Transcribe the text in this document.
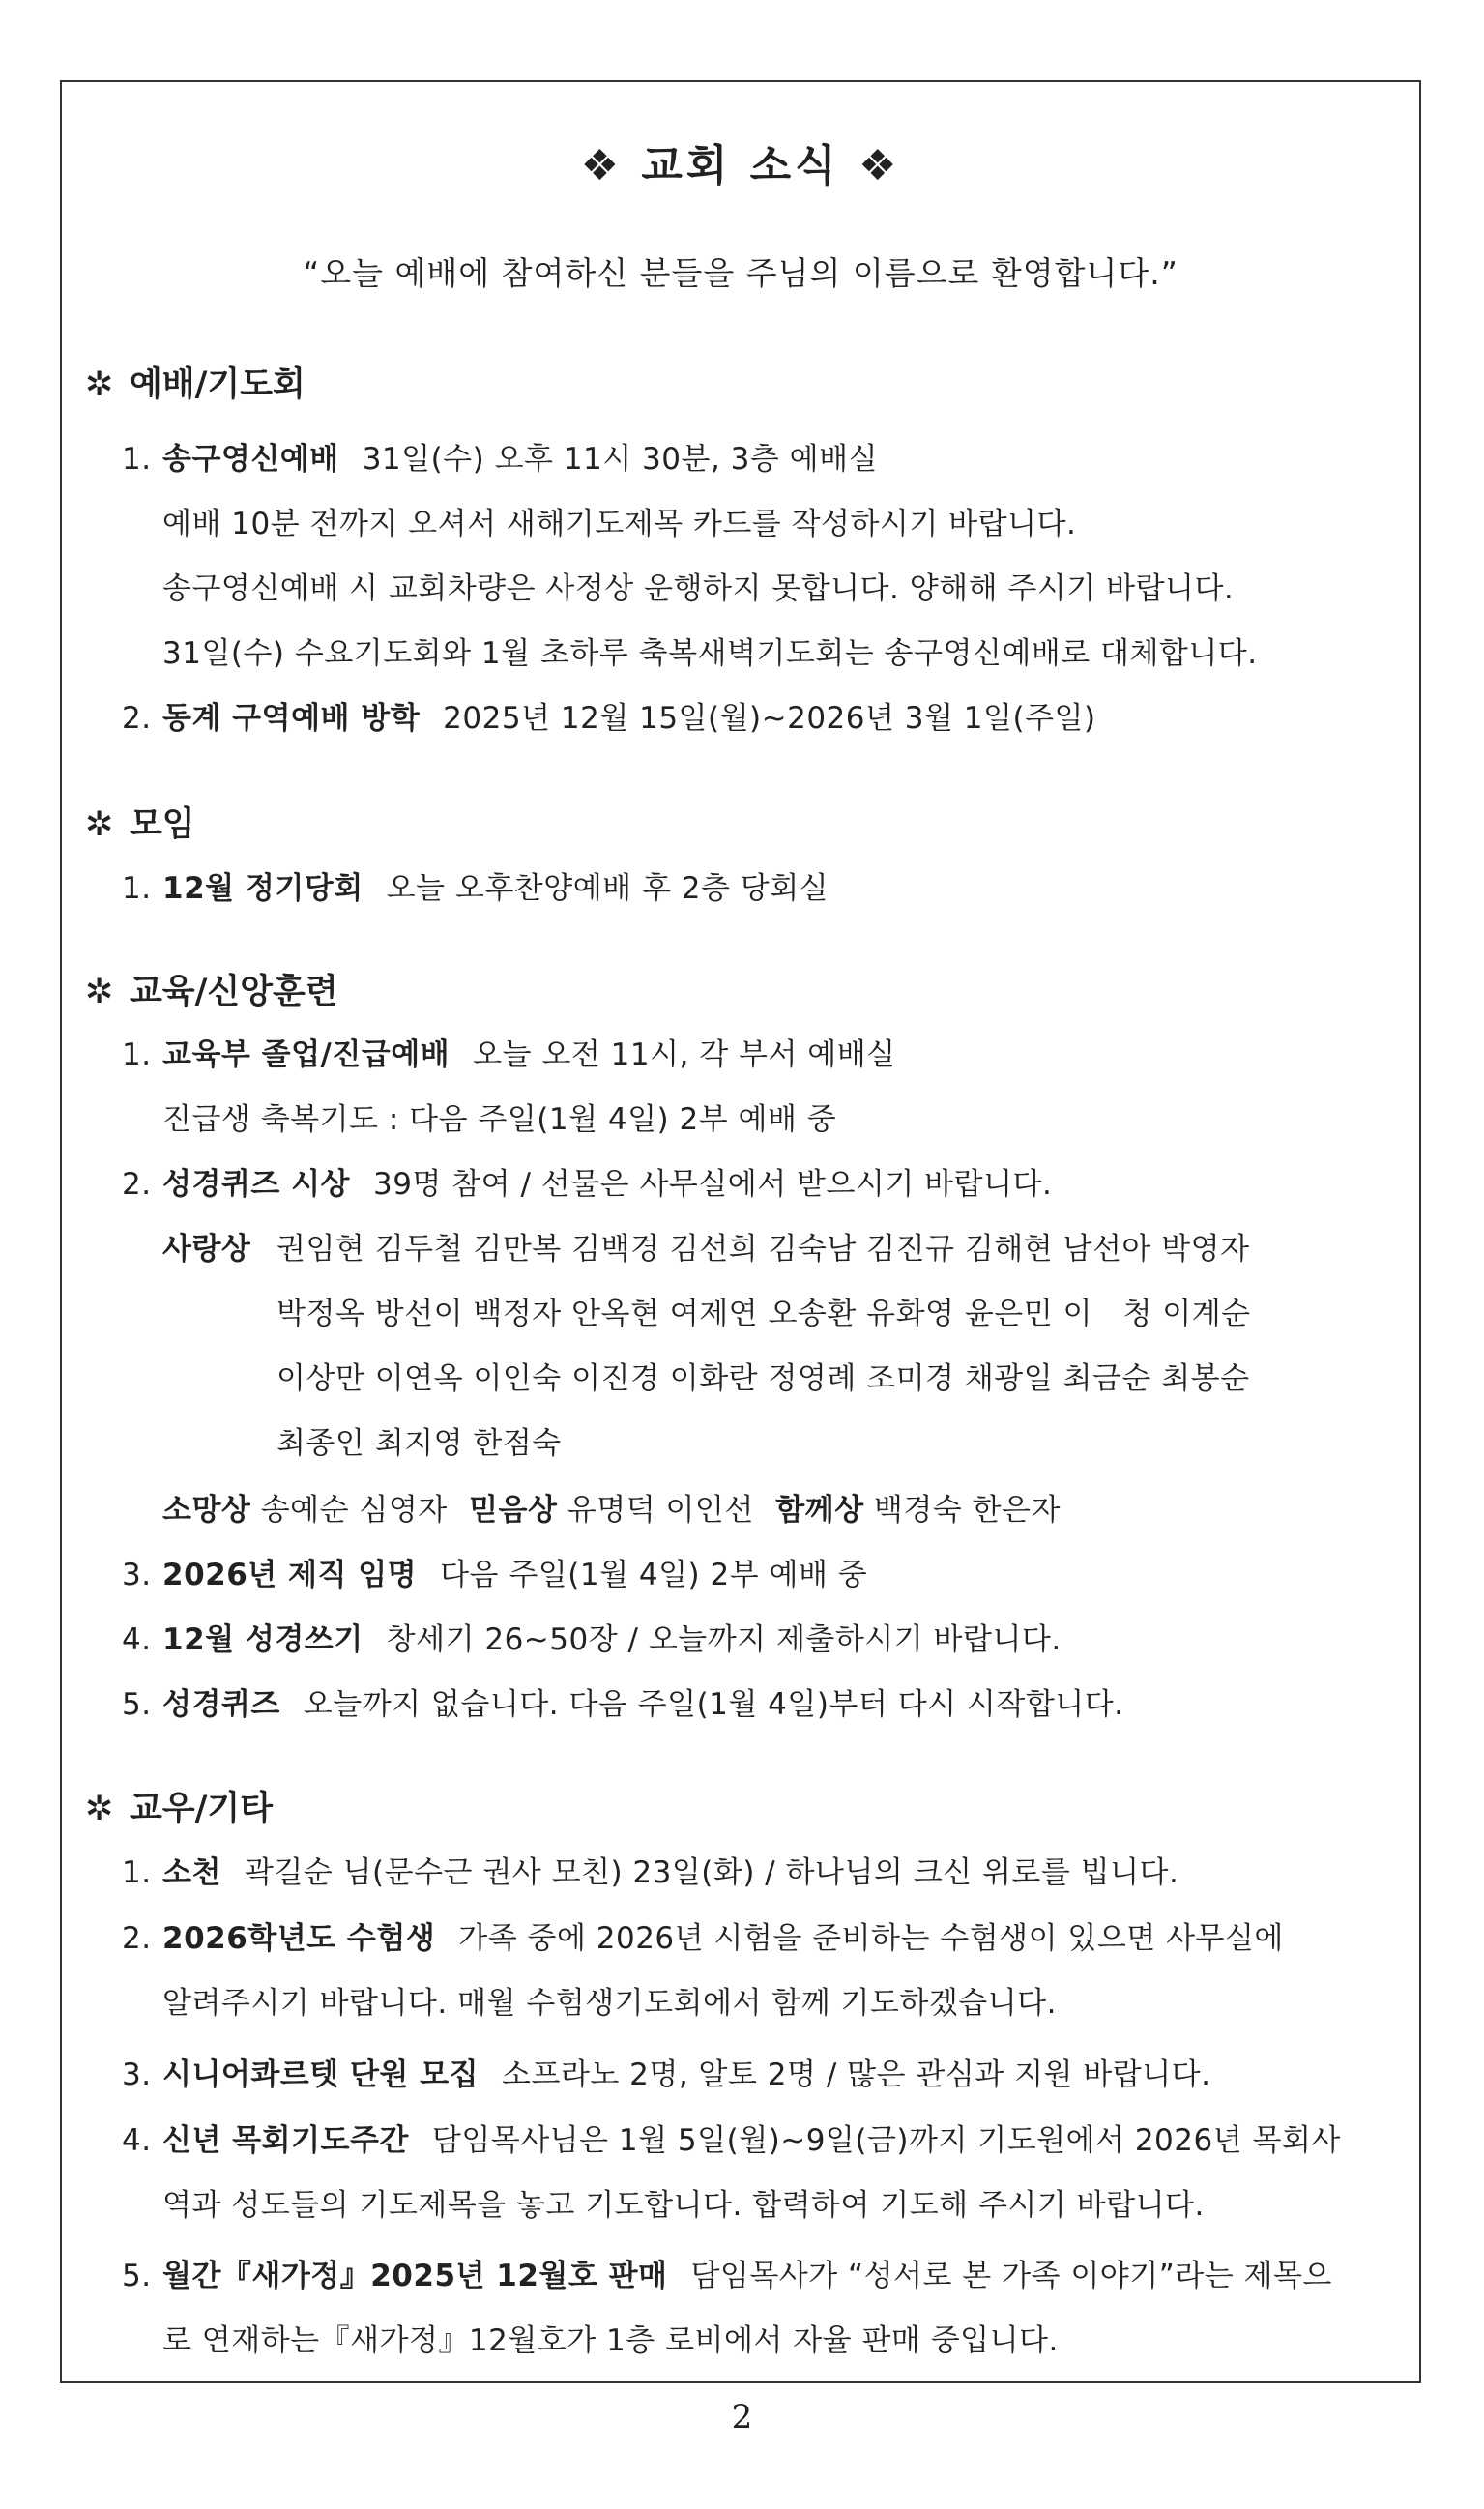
❖ 교회 소식 ❖
“오늘 예배에 참여하신 분들을 주님의 이름으로 환영합니다.”
✲ 예배/기도회
1. 송구영신예배 31일(수) 오후 11시 30분, 3층 예배실
예배 10분 전까지 오셔서 새해기도제목 카드를 작성하시기 바랍니다.
송구영신예배 시 교회차량은 사정상 운행하지 못합니다. 양해해 주시기 바랍니다.
31일(수) 수요기도회와 1월 초하루 축복새벽기도회는 송구영신예배로 대체합니다.
2. 동계 구역예배 방학 2025년 12월 15일(월)~2026년 3월 1일(주일)
✲ 모임
1. 12월 정기당회 오늘 오후찬양예배 후 2층 당회실
✲ 교육/신앙훈련
1. 교육부 졸업/진급예배 오늘 오전 11시, 각 부서 예배실
진급생 축복기도 : 다음 주일(1월 4일) 2부 예배 중
2. 성경퀴즈 시상 39명 참여 / 선물은 사무실에서 받으시기 바랍니다.
사랑상 권임현 김두철 김만복 김백경 김선희 김숙남 김진규 김해현 남선아 박영자
박정옥 방선이 백정자 안옥현 여제연 오송환 유화영 윤은민 이　청 이계순
이상만 이연옥 이인숙 이진경 이화란 정영례 조미경 채광일 최금순 최봉순
최종인 최지영 한점숙
소망상 송예순 심영자 믿음상 유명덕 이인선 함께상 백경숙 한은자
3. 2026년 제직 임명 다음 주일(1월 4일) 2부 예배 중
4. 12월 성경쓰기 창세기 26~50장 / 오늘까지 제출하시기 바랍니다.
5. 성경퀴즈 오늘까지 없습니다. 다음 주일(1월 4일)부터 다시 시작합니다.
✲ 교우/기타
1. 소천 곽길순 님(문수근 권사 모친) 23일(화) / 하나님의 크신 위로를 빕니다.
2. 2026학년도 수험생 가족 중에 2026년 시험을 준비하는 수험생이 있으면 사무실에
알려주시기 바랍니다. 매월 수험생기도회에서 함께 기도하겠습니다.
3. 시니어콰르텟 단원 모집 소프라노 2명, 알토 2명 / 많은 관심과 지원 바랍니다.
4. 신년 목회기도주간 담임목사님은 1월 5일(월)~9일(금)까지 기도원에서 2026년 목회사
역과 성도들의 기도제목을 놓고 기도합니다. 합력하여 기도해 주시기 바랍니다.
5. 월간『새가정』2025년 12월호 판매 담임목사가 “성서로 본 가족 이야기”라는 제목으
로 연재하는『새가정』12월호가 1층 로비에서 자율 판매 중입니다.
2
